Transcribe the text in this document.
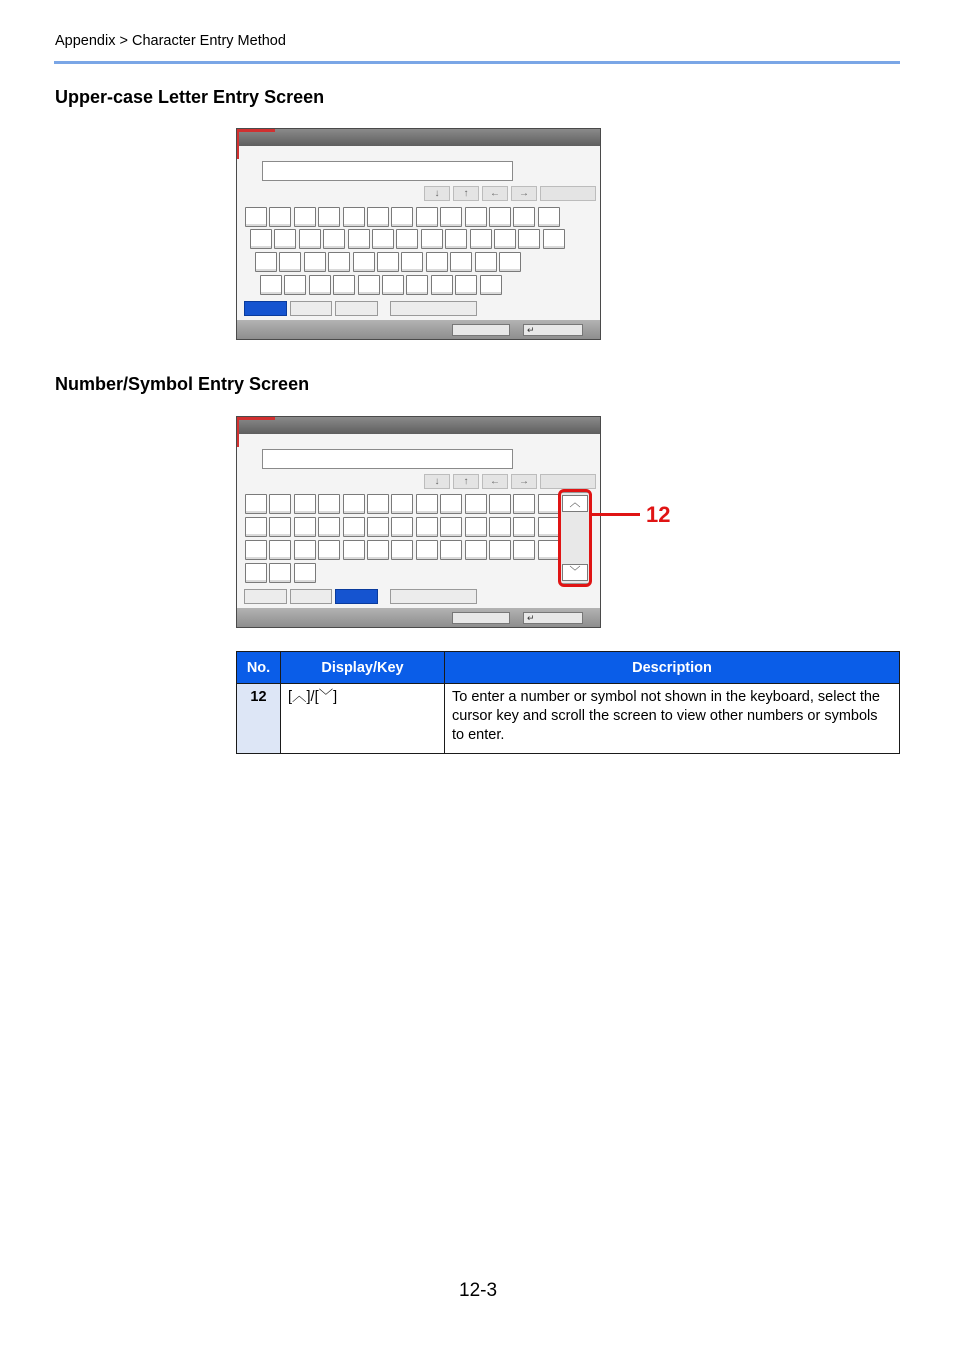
Appendix > Character Entry Method
Upper-case Letter Entry Screen
↓	↑	←	→
↵
Number/Symbol Entry Screen
↓	↑	←	→
︿
﹀
↵
12
No.	Display/Key	Description
12	[︿]/[﹀]	To enter a number or symbol not shown in the keyboard, select the cursor key and scroll the screen to view other numbers or symbols to enter.
12-3
